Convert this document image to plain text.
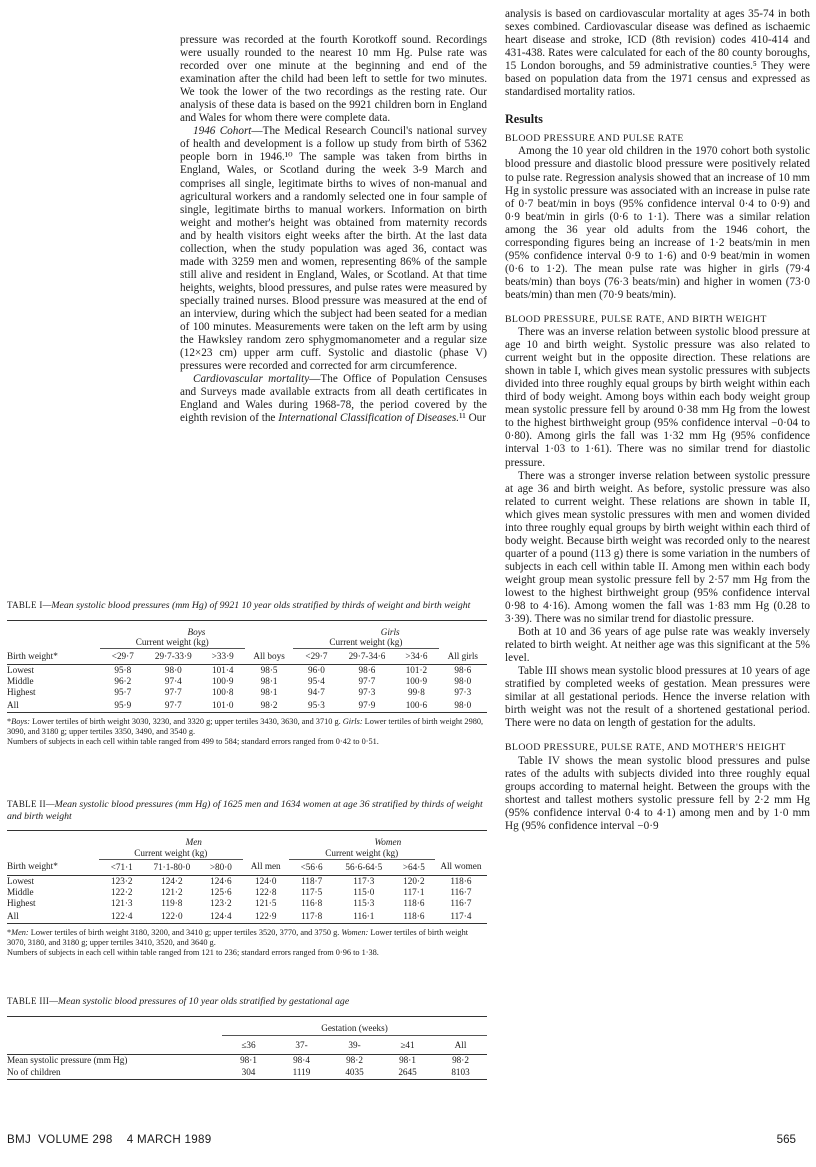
pressure was recorded at the fourth Korotkoff sound. Recordings were usually rounded to the nearest 10 mm Hg. Pulse rate was recorded over one minute at the beginning and end of the examination after the child had been left to settle for two minutes. We took the lower of the two recordings as the resting rate. Our analysis of these data is based on the 9921 children born in England and Wales for whom there were complete data.

1946 Cohort—The Medical Research Council's national survey of health and development is a follow up study from birth of 5362 people born in 1946.¹⁰ The sample was taken from births in England, Wales, or Scotland during the week 3-9 March and comprises all single, legitimate births to wives of non-manual and agricultural workers and a randomly selected one in four sample of single, legitimate births to manual workers. Information on birth weight and mother's height was obtained from maternity records and by health visitors eight weeks after the birth. At the last data collection, when the study population was aged 36, contact was made with 3259 men and women, representing 86% of the sample still alive and resident in England, Wales, or Scotland. At that time heights, weights, blood pressures, and pulse rates were measured by specially trained nurses. Blood pressure was measured at the end of an interview, during which the subject had been seated for a median of 100 minutes. Measurements were taken on the left arm by using the Hawksley random zero sphygmomanometer and a regular size (12×23 cm) upper arm cuff. Systolic and diastolic (phase V) pressures were recorded and corrected for arm circumference.

Cardiovascular mortality—The Office of Population Censuses and Surveys made available extracts from all death certificates in England and Wales during 1968-78, the period covered by the eighth revision of the International Classification of Diseases.¹¹ Our

analysis is based on cardiovascular mortality at ages 35-74 in both sexes combined. Cardiovascular disease was defined as ischaemic heart disease and stroke, ICD (8th revision) codes 410-414 and 431-438. Rates were calculated for each of the 80 county boroughs, 15 London boroughs, and 59 administrative counties.⁵ They were based on population data from the 1971 census and expressed as standardised mortality ratios.

Results

BLOOD PRESSURE AND PULSE RATE

Among the 10 year old children in the 1970 cohort both systolic blood pressure and diastolic blood pressure were positively related to pulse rate. Regression analysis showed that an increase of 10 mm Hg in systolic pressure was associated with an increase in pulse rate of 0·7 beat/min in boys (95% confidence interval 0·4 to 0·9) and 0·9 beat/min in girls (0·6 to 1·1). There was a similar relation among the 36 year old adults from the 1946 cohort, the corresponding figures being an increase of 1·2 beats/min in men (95% confidence interval 0·9 to 1·6) and 0·9 beat/min in women (0·6 to 1·2). The mean pulse rate was higher in girls (79·4 beats/min) than boys (76·3 beats/min) and higher in women (73·0 beats/min) than men (70·9 beats/min).

BLOOD PRESSURE, PULSE RATE, AND BIRTH WEIGHT

There was an inverse relation between systolic blood pressure at age 10 and birth weight. Systolic pressure was also related to current weight but in the opposite direction. These relations are shown in table I, which gives mean systolic pressures with subjects divided into three roughly equal groups by birth weight within each third of body weight. Among boys within each body weight group mean systolic pressure fell by around 0·38 mm Hg from the lowest to the highest birthweight group (95% confidence interval −0·04 to 0·80). Among girls the fall was 1·32 mm Hg (95% confidence interval 1·03 to 1·61). There was no similar trend for diastolic pressure.

There was a stronger inverse relation between systolic pressure at age 36 and birth weight. As before, systolic pressure was also related to current weight. These relations are shown in table II, which gives mean systolic pressures with men and women divided into three roughly equal groups by birth weight within each third of body weight. Because birth weight was recorded only to the nearest quarter of a pound (113 g) there is some variation in the numbers of subjects in each cell within table II. Among men within each body weight group mean systolic pressure fell by 2·57 mm Hg from the lowest to the highest birthweight group (95% confidence interval 0·98 to 4·16). Among women the fall was 1·83 mm Hg (0.28 to 3·39). There was no similar trend for diastolic pressure.

Both at 10 and 36 years of age pulse rate was weakly inversely related to birth weight. At neither age was this significant at the 5% level.

Table III shows mean systolic blood pressures at 10 years of age stratified by completed weeks of gestation. Mean pressures were similar at all gestational periods. Hence the inverse relation with birth weight was not the result of a shortened gestational period. There were no data on length of gestation for the adults.

BLOOD PRESSURE, PULSE RATE, AND MOTHER'S HEIGHT

Table IV shows the mean systolic blood pressures and pulse rates of the adults with subjects divided into three roughly equal groups according to maternal height. Between the groups with the shortest and tallest mothers systolic pressure fell by 2·2 mm Hg (95% confidence interval 0·4 to 4·1) among men and by 1·0 mm Hg (95% confidence interval −0·9

TABLE I—Mean systolic blood pressures (mm Hg) of 9921 10 year olds stratified by thirds of weight and birth weight
	Boys				Girls			
	Current weight (kg)				Current weight (kg)			
Birth weight*	<29·7	29·7-33·9	>33·9	All boys	<29·7	29·7-34·6	>34·6	All girls

Lowest	95·8	98·0	101·4	98·5	96·0	98·6	101·2	98·6
Middle	96·2	97·4	100·9	98·1	95·4	97·7	100·9	98·0
Highest	95·7	97·7	100·8	98·1	94·7	97·3	99·8	97·3

All	95·9	97·7	101·0	98·2	95·3	97·9	100·6	98·0
*Boys: Lower tertiles of birth weight 3030, 3230, and 3320 g; upper tertiles 3430, 3630, and 3710 g. Girls: Lower tertiles of birth weight 2980, 3090, and 3180 g; upper tertiles 3350, 3490, and 3540 g.
Numbers of subjects in each cell within table ranged from 499 to 584; standard errors ranged from 0·42 to 0·51.
TABLE II—Mean systolic blood pressures (mm Hg) of 1625 men and 1634 women at age 36 stratified by thirds of weight and birth weight
	Men				Women			
	Current weight (kg)				Current weight (kg)			
Birth weight*	<71·1	71·1-80·0	>80·0	All men	<56·6	56·6-64·5	>64·5	All women

Lowest	123·2	124·2	124·6	124·0	118·7	117·3	120·2	118·6
Middle	122·2	121·2	125·6	122·8	117·5	115·0	117·1	116·7
Highest	121·3	119·8	123·2	121·5	116·8	115·3	118·6	116·7

All	122·4	122·0	124·4	122·9	117·8	116·1	118·6	117·4
*Men: Lower tertiles of birth weight 3180, 3200, and 3410 g; upper tertiles 3520, 3770, and 3750 g. Women: Lower tertiles of birth weight 3070, 3180, and 3180 g; upper tertiles 3410, 3520, and 3640 g.
Numbers of subjects in each cell within table ranged from 121 to 236; standard errors ranged from 0·96 to 1·38.
TABLE III—Mean systolic blood pressures of 10 year olds stratified by gestational age
	Gestation (weeks)				
	≤36	37-	39-	≥41	All

Mean systolic pressure (mm Hg)	98·1	98·4	98·2	98·1	98·2
No of children	304	1119	4035	2645	8103
BMJ  VOLUME 298    4 MARCH 1989	565
